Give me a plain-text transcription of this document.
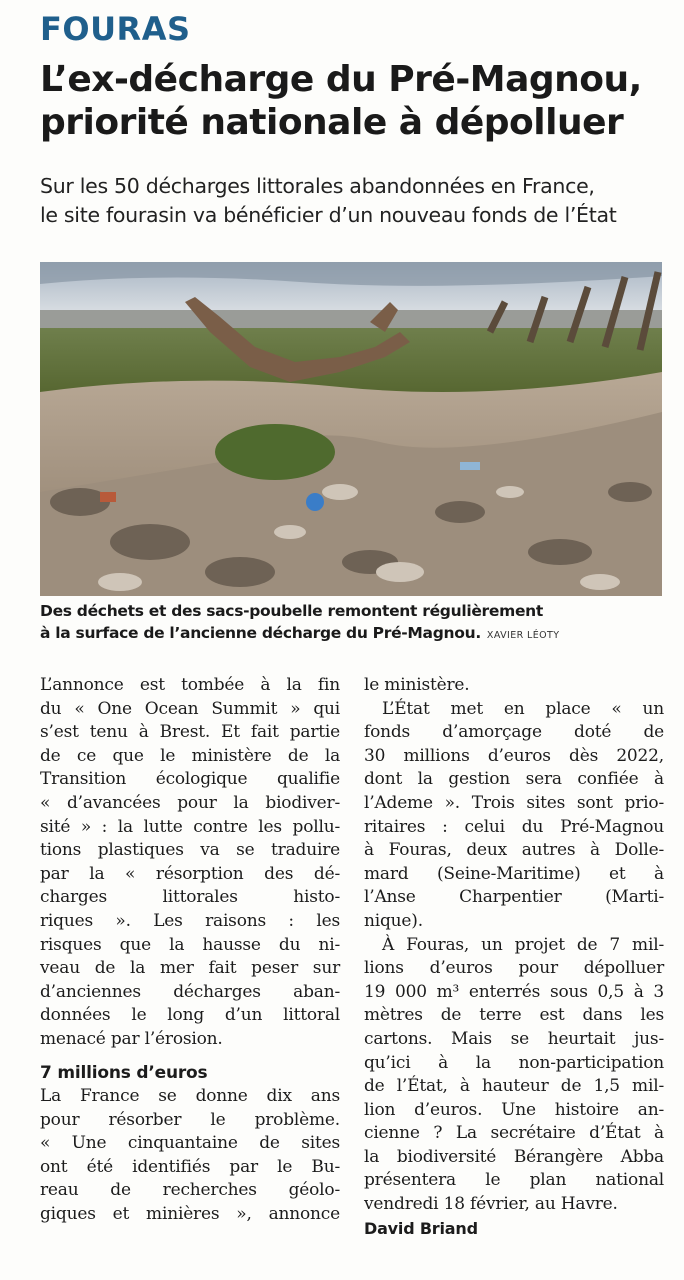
FOURAS
L’ex-décharge du Pré-Magnou,
priorité nationale à dépolluer
Sur les 50 décharges littorales abandonnées en France,
le site fourasin va bénéficier d’un nouveau fonds de l’État
Des déchets et des sacs-poubelle remontent régulièrement
à la surface de l’ancienne décharge du Pré-Magnou. XAVIER LÉOTY
L’annonce est tombée à la fin
du « One Ocean Summit » qui
s’est tenu à Brest. Et fait partie
de ce que le ministère de la
Transition écologique qualifie
« d’avancées pour la biodiver-
sité » : la lutte contre les pollu-
tions plastiques va se traduire
par la « résorption des dé-
charges littorales histo-
riques ». Les raisons : les
risques que la hausse du ni-
veau de la mer fait peser sur
d’anciennes décharges aban-
données le long d’un littoral
menacé par l’érosion.
7 millions d’euros
La France se donne dix ans
pour résorber le problème.
« Une cinquantaine de sites
ont été identifiés par le Bu-
reau de recherches géolo-
giques et minières », annonce
le ministère.
L’État met en place « un
fonds d’amorçage doté de
30 millions d’euros dès 2022,
dont la gestion sera confiée à
l’Ademe ». Trois sites sont prio-
ritaires : celui du Pré-Magnou
à Fouras, deux autres à Dolle-
mard (Seine-Maritime) et à
l’Anse Charpentier (Marti-
nique).
À Fouras, un projet de 7 mil-
lions d’euros pour dépolluer
19 000 m³ enterrés sous 0,5 à 3
mètres de terre est dans les
cartons. Mais se heurtait jus-
qu’ici à la non-participation
de l’État, à hauteur de 1,5 mil-
lion d’euros. Une histoire an-
cienne ? La secrétaire d’État à
la biodiversité Bérangère Abba
présentera le plan national
vendredi 18 février, au Havre.
David Briand
